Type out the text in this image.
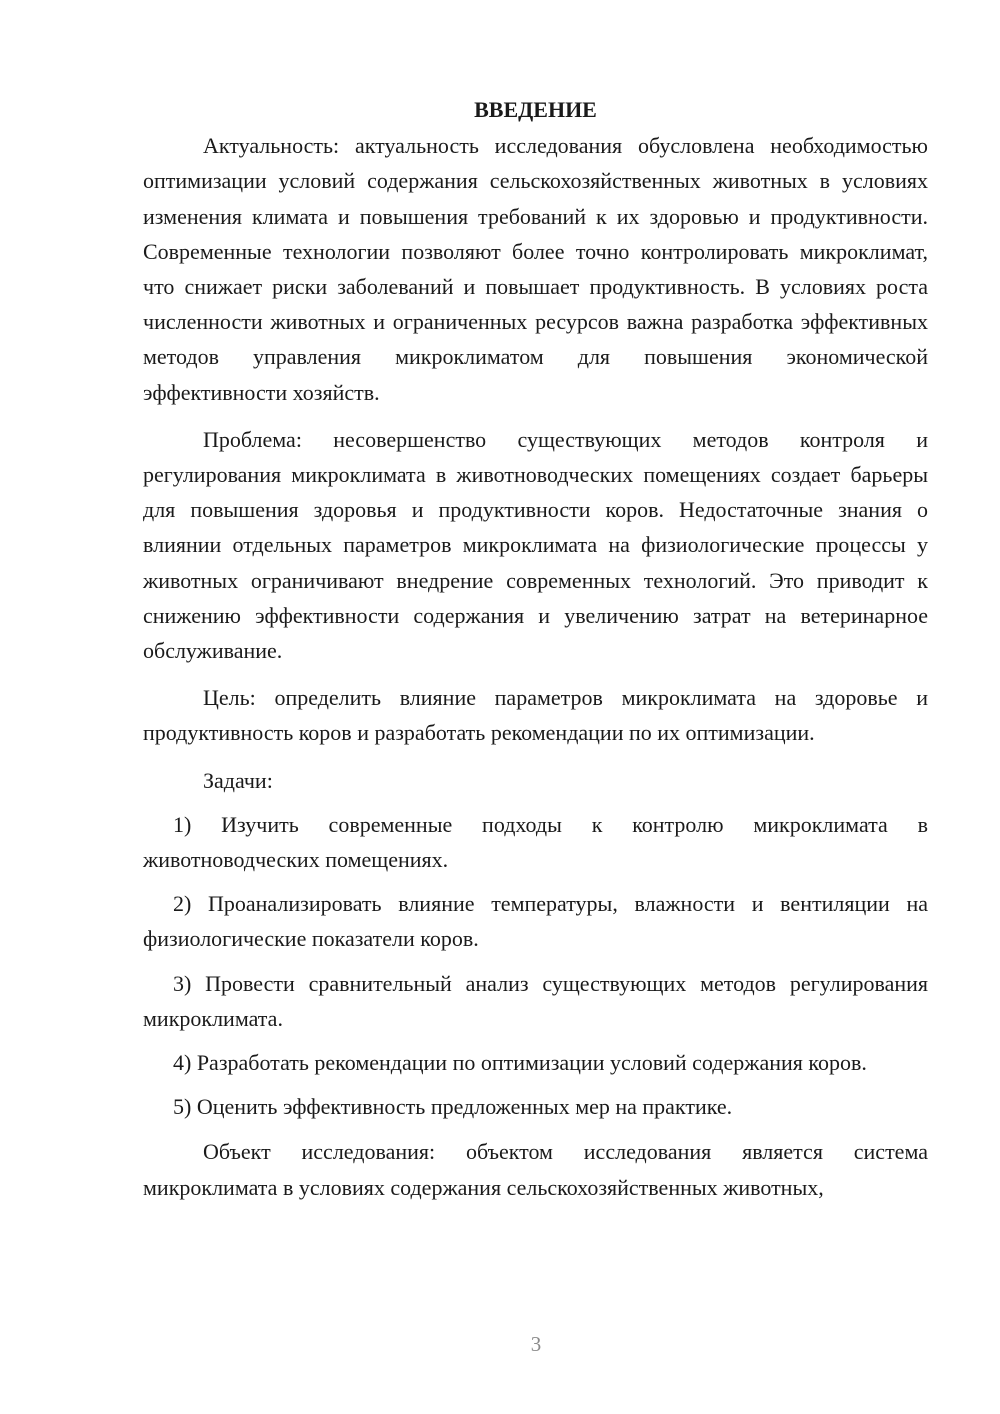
ВВЕДЕНИЕ

Актуальность: актуальность исследования обусловлена необходимостью оптимизации условий содержания сельскохозяйственных животных в условиях изменения климата и повышения требований к их здоровью и продуктивности. Современные технологии позволяют более точно контролировать микроклимат, что снижает риски заболеваний и повышает продуктивность. В условиях роста численности животных и ограниченных ресурсов важна разработка эффективных методов управления микроклиматом для повышения экономической эффективности хозяйств.

Проблема: несовершенство существующих методов контроля и регулирования микроклимата в животноводческих помещениях создает барьеры для повышения здоровья и продуктивности коров. Недостаточные знания о влиянии отдельных параметров микроклимата на физиологические процессы у животных ограничивают внедрение современных технологий. Это приводит к снижению эффективности содержания и увеличению затрат на ветеринарное обслуживание.

Цель: определить влияние параметров микроклимата на здоровье и продуктивность коров и разработать рекомендации по их оптимизации.

Задачи:

1) Изучить современные подходы к контролю микроклимата в животноводческих помещениях.

2) Проанализировать влияние температуры, влажности и вентиляции на физиологические показатели коров.

3) Провести сравнительный анализ существующих методов регулирования микроклимата.

4) Разработать рекомендации по оптимизации условий содержания коров.

5) Оценить эффективность предложенных мер на практике.

Объект исследования: объектом исследования является система микроклимата в условиях содержания сельскохозяйственных животных,

3
